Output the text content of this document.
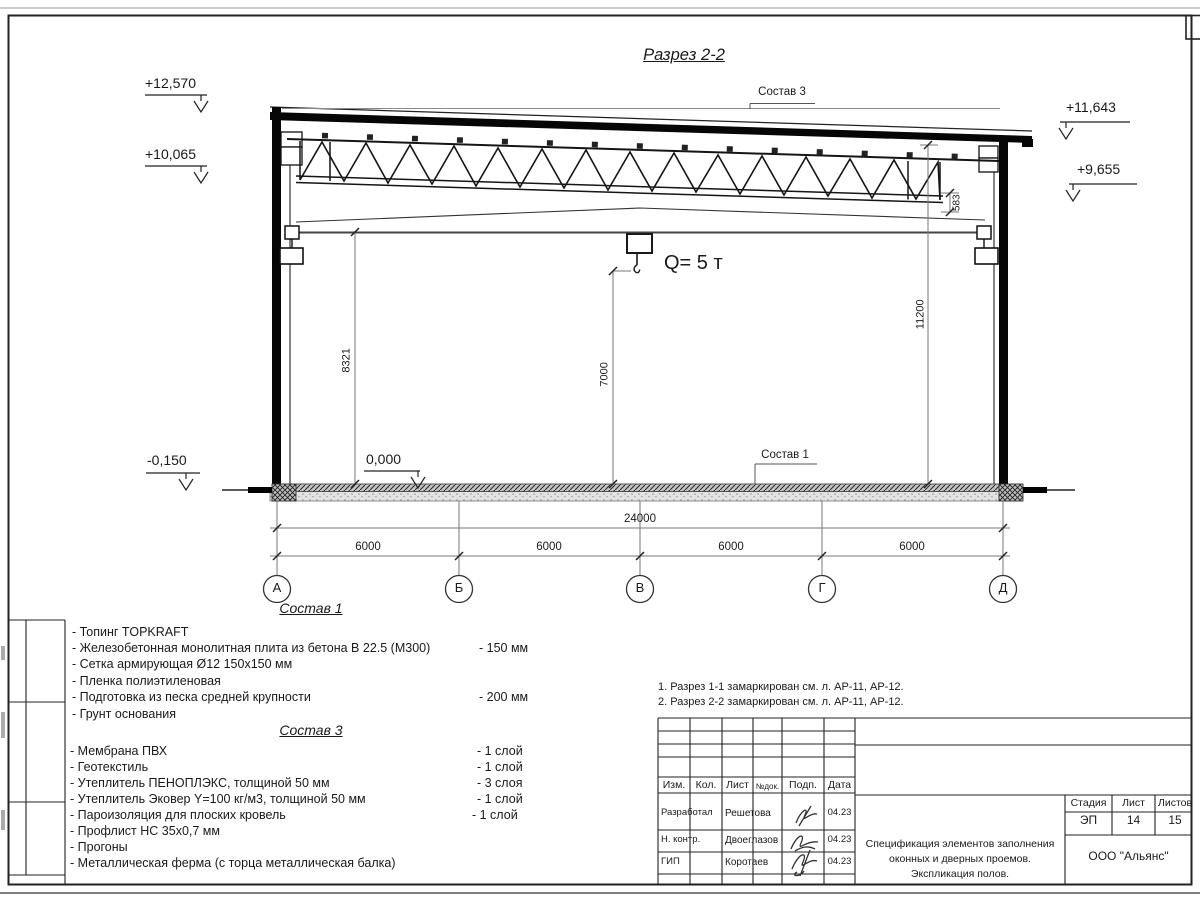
Разрез 2-2
Состав 3
Состав 1
+12,570
+10,065
-0,150	0,000
+11,643
+9,655
Q= 5 т
24000
6000	6000	6000	6000
8321
7000
11200
583
А	Б	В	Г	Д
Состав 1
- Топинг TOPKRAFT
- Железобетонная монолитная плита из бетона В 22.5 (М300)	- 150 мм
- Сетка армирующая Ø12 150х150 мм
- Пленка полиэтиленовая
- Подготовка из песка средней крупности	- 200 мм
- Грунт основания
Состав 3
- Мембрана ПВХ	- 1 слой
- Геотекстиль	- 1 слой
- Утеплитель ПЕНОПЛЭКС, толщиной 50 мм	- 3 слоя
- Утеплитель Эковер Y=100 кг/м3, толщиной 50 мм	- 1 слой
- Пароизоляция для плоских кровель	- 1 слой
- Профлист НС 35х0,7 мм
- Прогоны
- Металлическая ферма (с торца металлическая балка)
1. Разрез 1-1 замаркирован см. л. АР-11, АР-12.
2. Разрез 2-2 замаркирован см. л. АР-11, АР-12.
Изм. Кол. Лист №док. Подп.	Дата
Разработал Решетова	04.23
Н. контр. Двоеглазов	04.23
ГИП	Коротаев	04.23
Спецификация элементов заполнения
оконных и дверных проемов.
Экспликация полов.
Стадия	Лист	Листов
ЭП	14	15
ООО "Альянс"
